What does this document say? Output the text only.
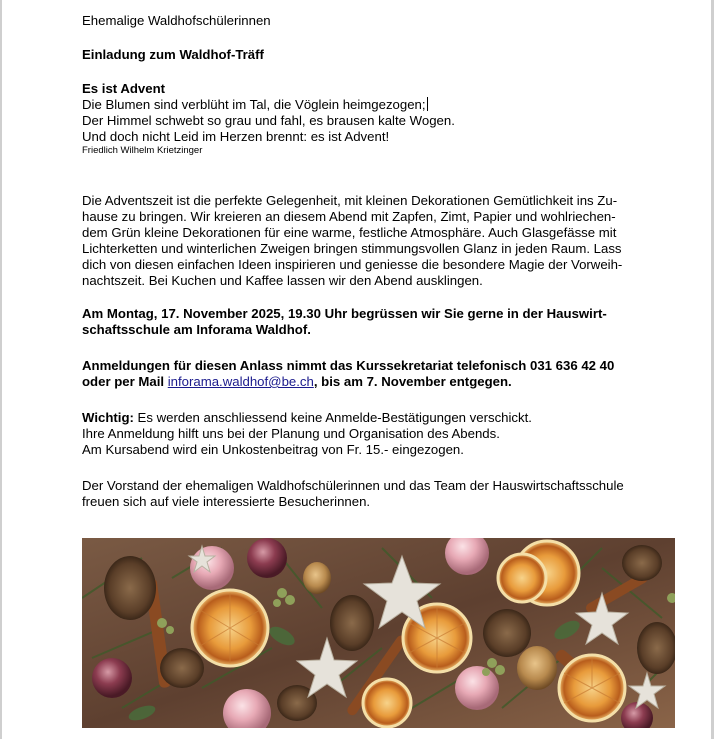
Ehemalige Waldhofschülerinnen

Einladung zum Waldhof-Träff

Es ist Advent

Die Blumen sind verblüht im Tal, die Vöglein heimgezogen;

Der Himmel schwebt so grau und fahl, es brausen kalte Wogen.

Und doch nicht Leid im Herzen brennt: es ist Advent!

Friedlich Wilhelm Krietzinger

Die Adventszeit ist die perfekte Gelegenheit, mit kleinen Dekorationen Gemütlichkeit ins Zu-

hause zu bringen. Wir kreieren an diesem Abend mit Zapfen, Zimt, Papier und wohlriechen-

dem Grün kleine Dekorationen für eine warme, festliche Atmosphäre. Auch Glasgefässe mit

Lichterketten und winterlichen Zweigen bringen stimmungsvollen Glanz in jeden Raum. Lass

dich von diesen einfachen Ideen inspirieren und geniesse die besondere Magie der Vorweih-

nachtszeit. Bei Kuchen und Kaffee lassen wir den Abend ausklingen.

Am Montag, 17. November 2025, 19.30 Uhr begrüssen wir Sie gerne in der Hauswirt-

schaftsschule am Inforama Waldhof.

Anmeldungen für diesen Anlass nimmt das Kurssekretariat telefonisch 031 636 42 40

oder per Mail inforama.waldhof@be.ch, bis am 7. November entgegen.

Wichtig: Es werden anschliessend keine Anmelde-Bestätigungen verschickt.

Ihre Anmeldung hilft uns bei der Planung und Organisation des Abends.

Am Kursabend wird ein Unkostenbeitrag von Fr. 15.- eingezogen.

Der Vorstand der ehemaligen Waldhofschülerinnen und das Team der Hauswirtschaftsschule

freuen sich auf viele interessierte Besucherinnen.
